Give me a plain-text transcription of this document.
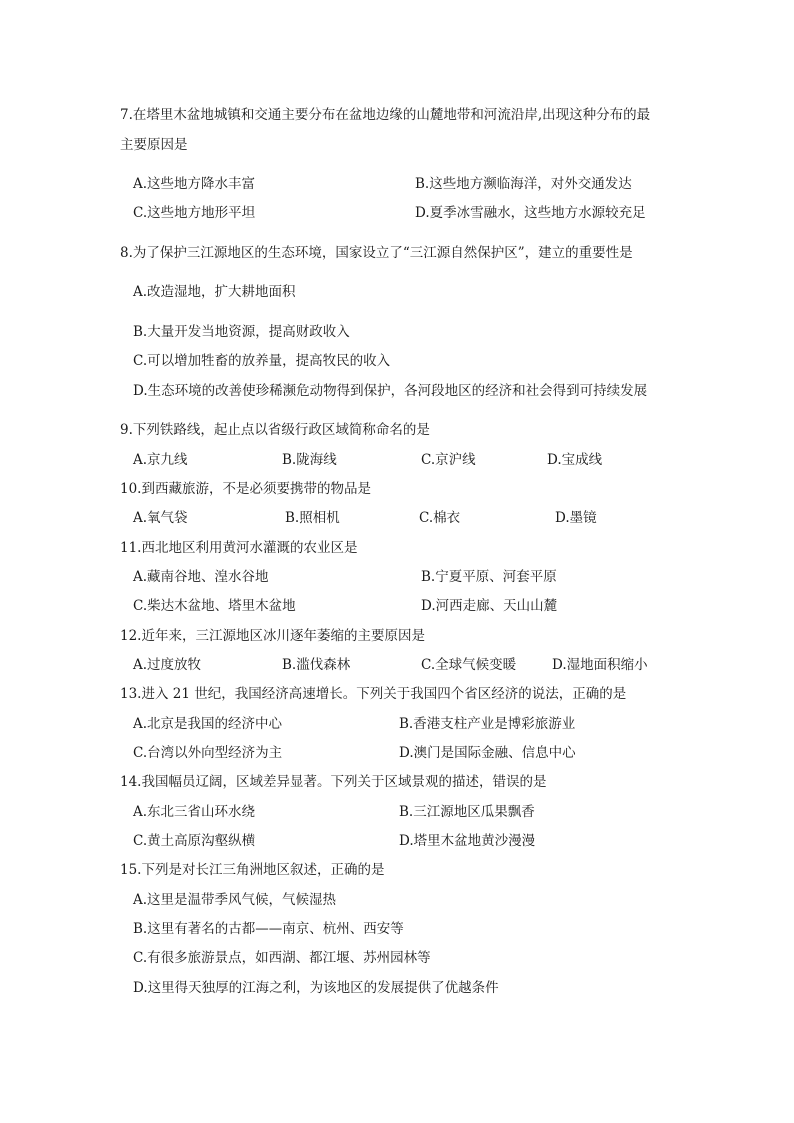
7.在塔里木盆地城镇和交通主要分布在盆地边缘的山麓地带和河流沿岸,出现这种分布的最
主要原因是
A.这些地方降水丰富	B.这些地方濒临海洋，对外交通发达
C.这些地方地形平坦	D.夏季冰雪融水，这些地方水源较充足
8.为了保护三江源地区的生态环境，国家设立了“三江源自然保护区”，建立的重要性是
A.改造湿地，扩大耕地面积
B.大量开发当地资源，提高财政收入
C.可以增加牲畜的放养量，提高牧民的收入
D.生态环境的改善使珍稀濒危动物得到保护，各河段地区的经济和社会得到可持续发展
9.下列铁路线，起止点以省级行政区域简称命名的是
A.京九线	B.陇海线	C.京沪线	D.宝成线
10.到西藏旅游，不是必须要携带的物品是
A.氧气袋	B.照相机	C.棉衣	D.墨镜
11.西北地区利用黄河水灌溉的农业区是
A.藏南谷地、湟水谷地	B.宁夏平原、河套平原
C.柴达木盆地、塔里木盆地	D.河西走廊、天山山麓
12.近年来，三江源地区冰川逐年萎缩的主要原因是
A.过度放牧	B.滥伐森林	C.全球气候变暖	D.湿地面积缩小
13.进入 21 世纪，我国经济高速增长。下列关于我国四个省区经济的说法，正确的是
A.北京是我国的经济中心	B.香港支柱产业是博彩旅游业
C.台湾以外向型经济为主	D.澳门是国际金融、信息中心
14.我国幅员辽阔，区域差异显著。下列关于区域景观的描述，错误的是
A.东北三省山环水绕	B.三江源地区瓜果飘香
C.黄土高原沟壑纵横	D.塔里木盆地黄沙漫漫
15.下列是对长江三角洲地区叙述，正确的是
A.这里是温带季风气候，气候湿热
B.这里有著名的古都——南京、杭州、西安等
C.有很多旅游景点，如西湖、都江堰、苏州园林等
D.这里得天独厚的江海之利，为该地区的发展提供了优越条件
